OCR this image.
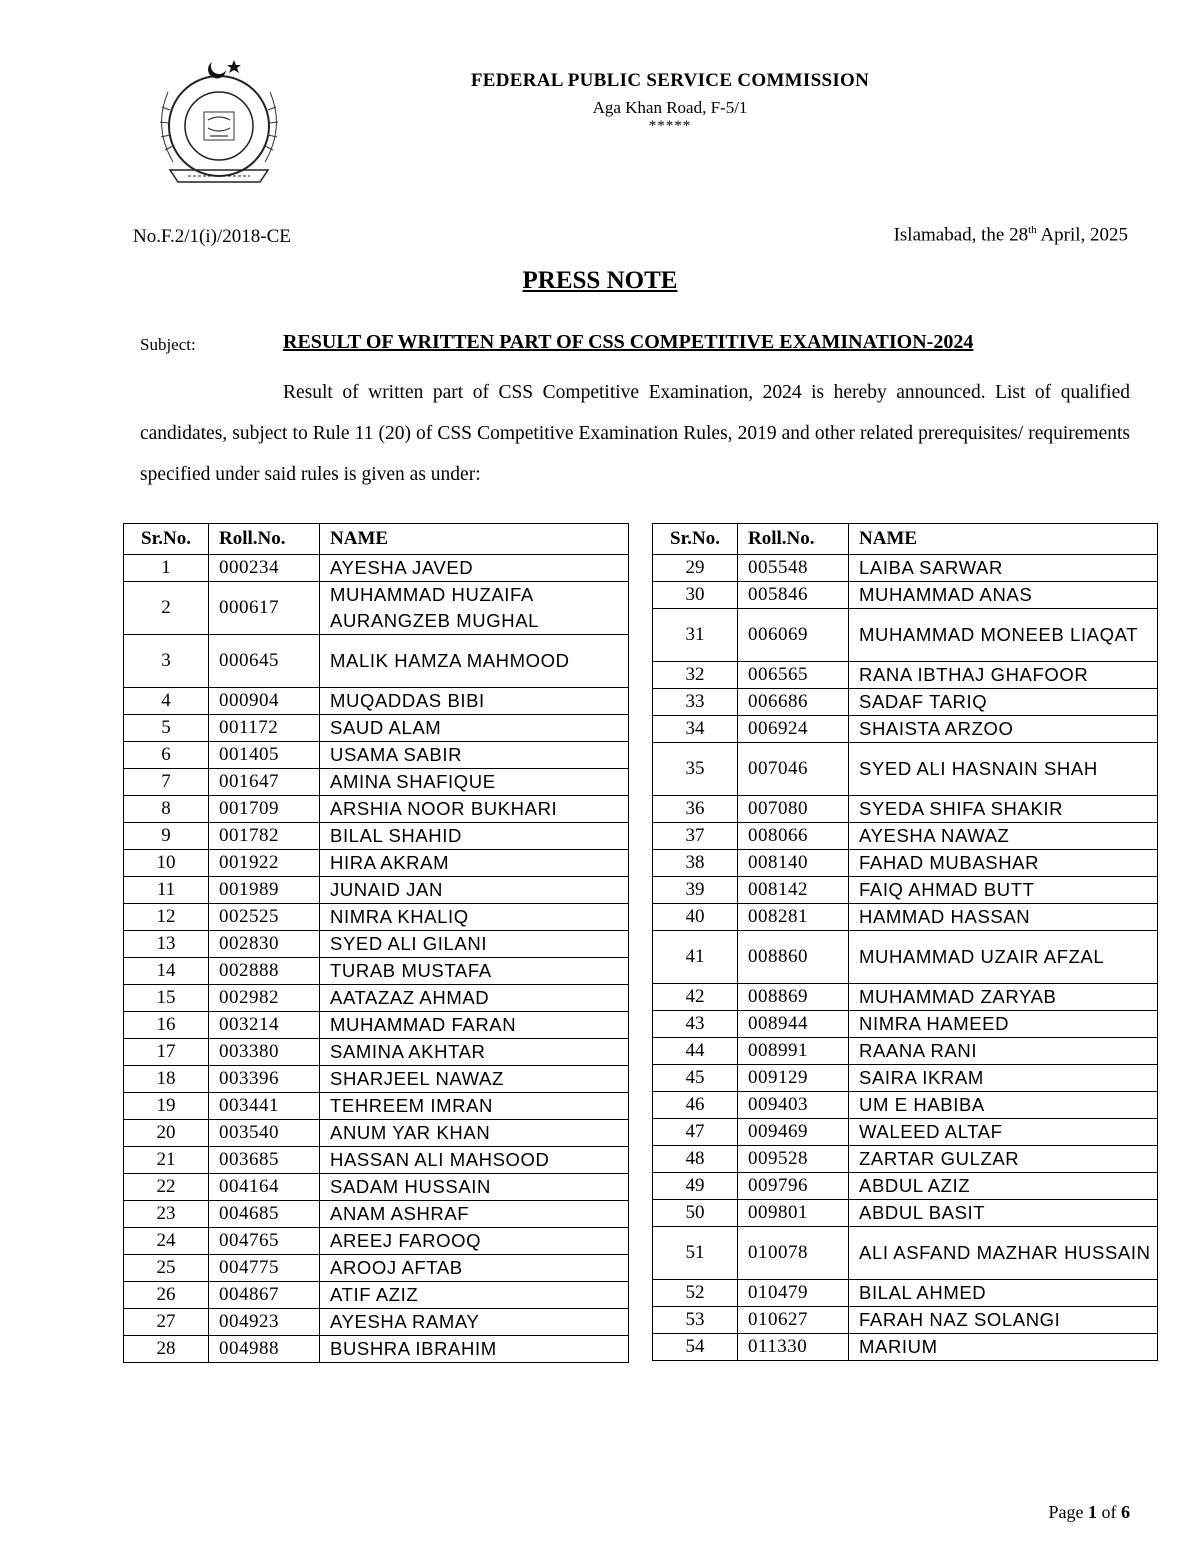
FEDERAL PUBLIC SERVICE COMMISSION
Aga Khan Road, F-5/1
*****
No.F.2/1(i)/2018-CE	Islamabad, the 28th April, 2025
PRESS NOTE
Subject:	RESULT OF WRITTEN PART OF CSS COMPETITIVE EXAMINATION-2024
Result of written part of CSS Competitive Examination, 2024 is hereby announced. List of qualified candidates, subject to Rule 11 (20) of CSS Competitive Examination Rules, 2019 and other related prerequisites/ requirements specified under said rules is given as under:
Sr.No.	Roll.No.	NAME
1	000234	AYESHA JAVED
2	000617	MUHAMMAD HUZAIFA AURANGZEB MUGHAL
3	000645	MALIK HAMZA MAHMOOD
4	000904	MUQADDAS BIBI
5	001172	SAUD ALAM
6	001405	USAMA SABIR
7	001647	AMINA SHAFIQUE
8	001709	ARSHIA NOOR BUKHARI
9	001782	BILAL SHAHID
10	001922	HIRA AKRAM
11	001989	JUNAID JAN
12	002525	NIMRA KHALIQ
13	002830	SYED ALI GILANI
14	002888	TURAB MUSTAFA
15	002982	AATAZAZ AHMAD
16	003214	MUHAMMAD FARAN
17	003380	SAMINA AKHTAR
18	003396	SHARJEEL NAWAZ
19	003441	TEHREEM IMRAN
20	003540	ANUM YAR KHAN
21	003685	HASSAN ALI MAHSOOD
22	004164	SADAM HUSSAIN
23	004685	ANAM ASHRAF
24	004765	AREEJ FAROOQ
25	004775	AROOJ AFTAB
26	004867	ATIF AZIZ
27	004923	AYESHA RAMAY
28	004988	BUSHRA IBRAHIM
Sr.No.	Roll.No.	NAME
29	005548	LAIBA SARWAR
30	005846	MUHAMMAD ANAS
31	006069	MUHAMMAD MONEEB LIAQAT
32	006565	RANA IBTHAJ GHAFOOR
33	006686	SADAF TARIQ
34	006924	SHAISTA ARZOO
35	007046	SYED ALI HASNAIN SHAH
36	007080	SYEDA SHIFA SHAKIR
37	008066	AYESHA NAWAZ
38	008140	FAHAD MUBASHAR
39	008142	FAIQ AHMAD BUTT
40	008281	HAMMAD HASSAN
41	008860	MUHAMMAD UZAIR AFZAL
42	008869	MUHAMMAD ZARYAB
43	008944	NIMRA HAMEED
44	008991	RAANA RANI
45	009129	SAIRA IKRAM
46	009403	UM E HABIBA
47	009469	WALEED ALTAF
48	009528	ZARTAR GULZAR
49	009796	ABDUL AZIZ
50	009801	ABDUL BASIT
51	010078	ALI ASFAND MAZHAR HUSSAIN
52	010479	BILAL AHMED
53	010627	FARAH NAZ SOLANGI
54	011330	MARIUM
Page 1 of 6
